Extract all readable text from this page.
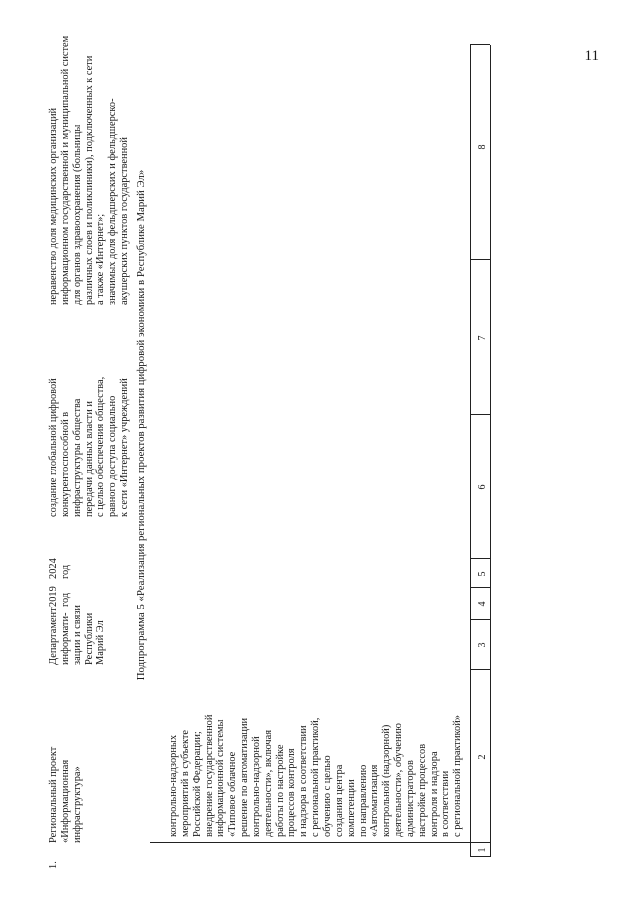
11
1
2
3
4
5
6
7
8
контрольно-надзорных мероприятий в субъекте Российской Федерации; внедрение государственной информационной системы «Типовое облачное решение по автоматизации контрольно-надзорной деятельности», включая работы по настройке процессов контроля и надзора в соответствии с региональной практикой, обучению с целью создания центра компетенции по направлению «Автоматизация контрольной (надзорной) деятельности», обучению администраторов настройке процессов контроля и надзора в соответствии с региональной практикой»
Подпрограмма 5 «Реализация региональных проектов развития цифровой экономики в Республике Марий Эл»
1.
Региональный проект «Информационная инфраструктура»
Департамент информати- зации и связи Республики Марий Эл
2019 год
2024 год
создание глобальной цифровой конкурентоспособной в инфраструктуры общества передачи данных власти и с целью обеспечения общества, равного доступа социально к сети «Интернет» учреждений
неравенство доля медицинских организаций информационном государственной и муниципальной систем для органов здравоохранения (больницы различных слоев и поликлиники), подключенных к сети а также «Интернет»; значимых доля фельдшерских и фельдшерско- акушерских пунктов государственной
